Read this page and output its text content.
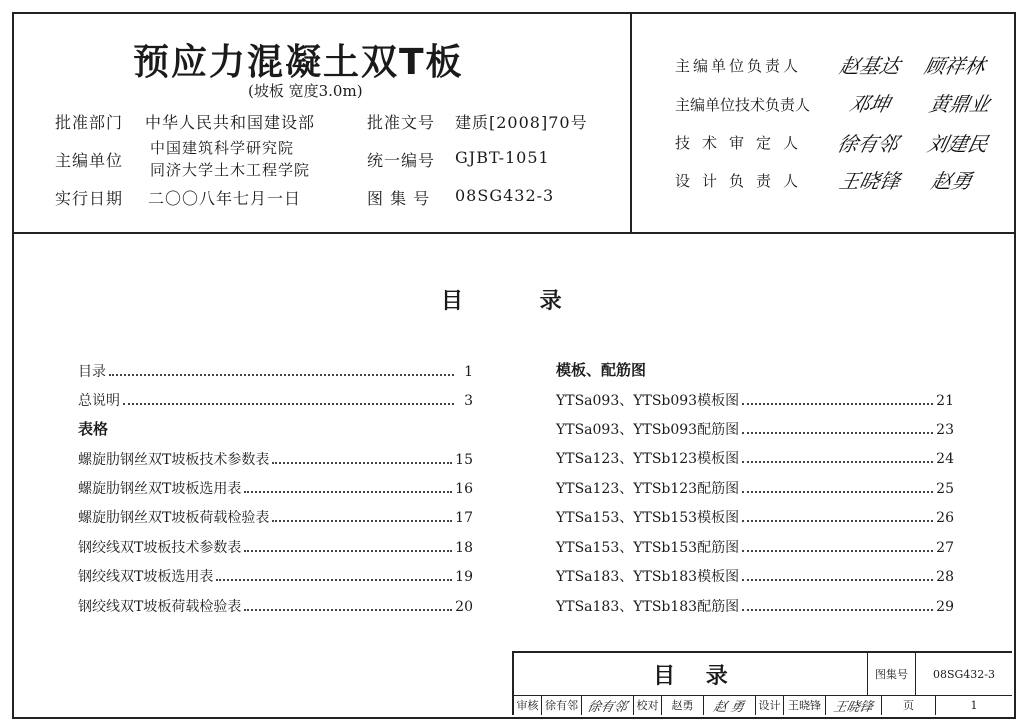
预应力混凝土双T板
(坡板 宽度3.0m)
批准部门 中华人民共和国建设部	批准文号 建质[2008]70号
主编单位
中国建筑科学研究院
同济大学土木工程学院	统一编号 GJBT-1051
实行日期 二〇〇八年七月一日	图 集 号 08SG432-3
主编单位负责人 赵基达 顾祥林
主编单位技术负责人 邓坤 黄鼎业
技术审定人 徐有邻 刘建民
设计负责人 王晓锋 赵勇
目          录
目录	1
总说明	3
表格
螺旋肋钢丝双T坡板技术参数表	15
螺旋肋钢丝双T坡板选用表	16
螺旋肋钢丝双T坡板荷载检验表	17
钢绞线双T坡板技术参数表	18
钢绞线双T坡板选用表	19
钢绞线双T坡板荷载检验表	20
模板、配筋图
YTSa093、YTSb093模板图	21
YTSa093、YTSb093配筋图	23
YTSa123、YTSb123模板图	24
YTSa123、YTSb123配筋图	25
YTSa153、YTSb153模板图	26
YTSa153、YTSb153配筋图	27
YTSa183、YTSb183模板图	28
YTSa183、YTSb183配筋图	29
目    录	图集号 08SG432-3
审核 徐有邻 徐有邻 校对 赵勇 赵 勇 设计 王晓锋 王晓锋	页	1
